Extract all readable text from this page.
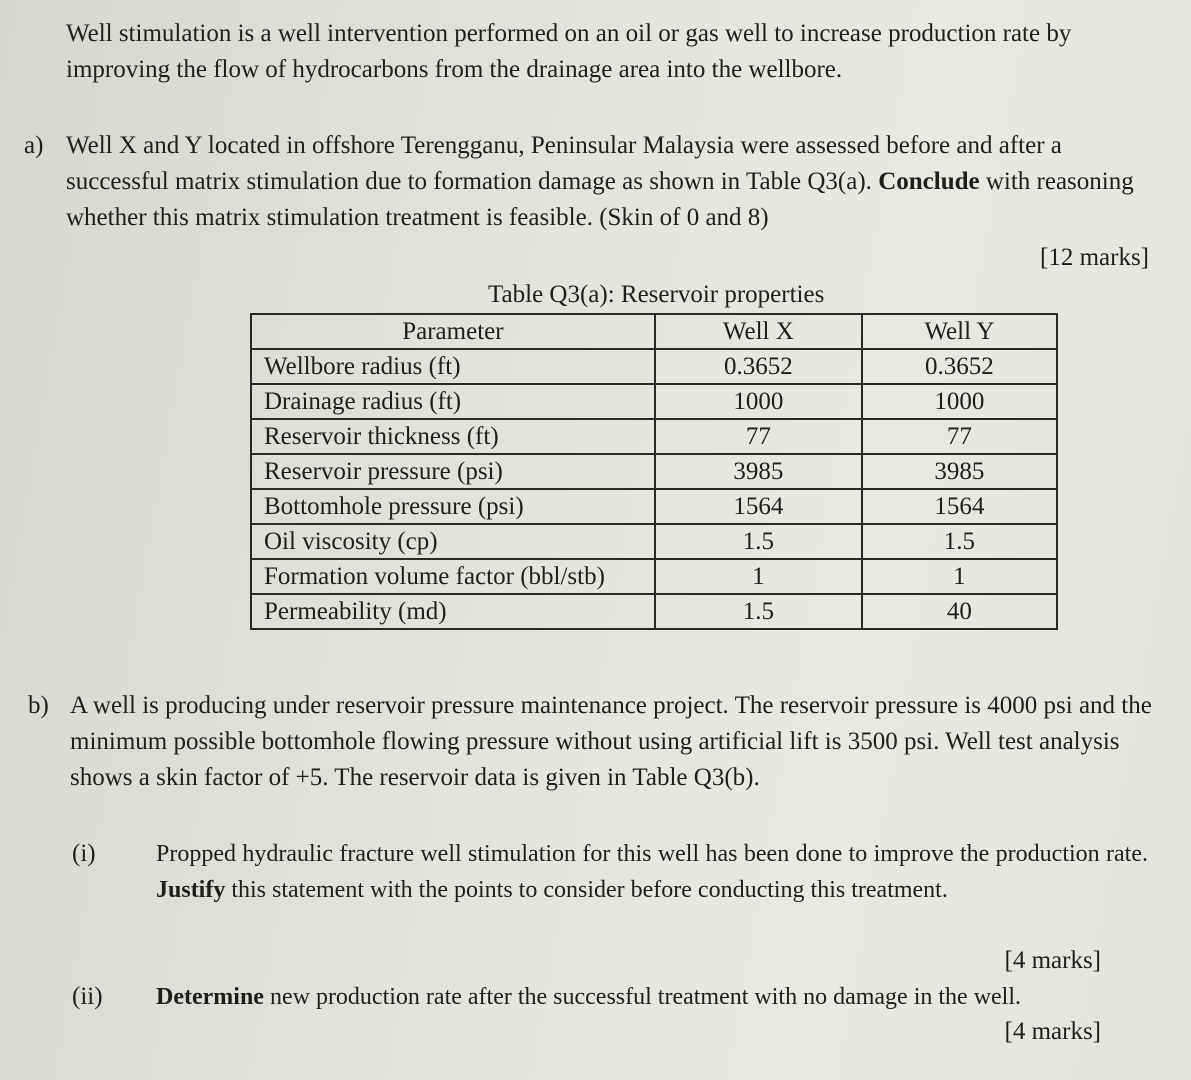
Well stimulation is a well intervention performed on an oil or gas well to increase production rate by improving the flow of hydrocarbons from the drainage area into the wellbore.

a) Well X and Y located in offshore Terengganu, Peninsular Malaysia were assessed before and after a successful matrix stimulation due to formation damage as shown in Table Q3(a). Conclude with reasoning whether this matrix stimulation treatment is feasible. (Skin of 0 and 8)

[12 marks]
Table Q3(a): Reservoir properties
Parameter	Well X	Well Y
Wellbore radius (ft)	0.3652	0.3652
Drainage radius (ft)	1000	1000
Reservoir thickness (ft)	77	77
Reservoir pressure (psi)	3985	3985
Bottomhole pressure (psi)	1564	1564
Oil viscosity (cp)	1.5	1.5
Formation volume factor (bbl/stb)	1	1
Permeability (md)	1.5	40
b) A well is producing under reservoir pressure maintenance project. The reservoir pressure is 4000 psi and the minimum possible bottomhole flowing pressure without using artificial lift is 3500 psi. Well test analysis shows a skin factor of +5. The reservoir data is given in Table Q3(b).

(i)	Propped hydraulic fracture well stimulation for this well has been done to improve the production rate. Justify this statement with the points to consider before conducting this treatment.

[4 marks]
(ii) Determine new production rate after the successful treatment with no damage in the well.

[4 marks]
